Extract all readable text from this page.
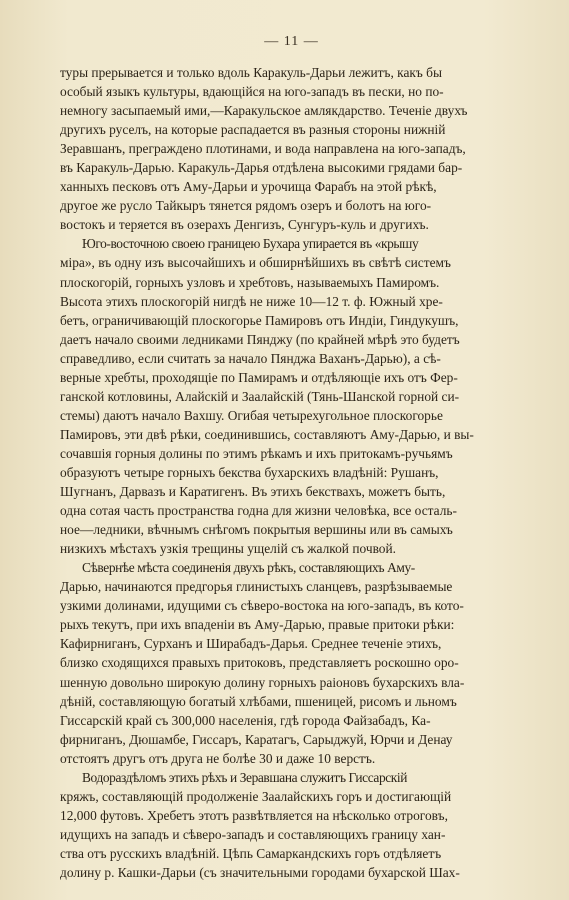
— 11 —

туры прерывается и только вдоль Каракуль-Дарьи лежитъ, какъ бы
особый языкъ культуры, вдающійся на юго-западъ въ пески, но по-
немногу засыпаемый ими,—Каракульское амлякдарство. Теченіе двухъ
другихъ руселъ, на которые распадается въ разныя стороны нижній
Зеравшанъ, преграждено плотинами, и вода направлена на юго-западъ,
въ Каракуль-Дарью. Каракуль-Дарья отдѣлена высокими грядами бар-
ханныхъ песковъ отъ Аму-Дарьи и урочища Фарабъ на этой рѣкѣ,
другое же русло Тайкыръ тянется рядомъ озеръ и болотъ на юго-
востокъ и теряется въ озерахъ Денгизъ, Сунгуръ-куль и другихъ.

Юго-восточною своею границею Бухара упирается въ «крышу
міра», въ одну изъ высочайшихъ и обширнѣйшихъ въ свѣтѣ системъ
плоскогорій, горныхъ узловъ и хребтовъ, называемыхъ Памиромъ.
Высота этихъ плоскогорій нигдѣ не ниже 10—12 т. ф. Южный хре-
бетъ, ограничивающій плоскогорье Памировъ отъ Индіи, Гиндукушъ,
даетъ начало своими ледниками Пянджу (по крайней мѣрѣ это будетъ
справедливо, если считать за начало Пянджа Ваханъ-Дарью), а сѣ-
верные хребты, проходящіе по Памирамъ и отдѣляющіе ихъ отъ Фер-
ганской котловины, Алайскій и Заалайскій (Тянь-Шанской горной си-
стемы) даютъ начало Вахшу. Огибая четырехугольное плоскогорье
Памировъ, эти двѣ рѣки, соединившись, составляютъ Аму-Дарью, и вы-
сочавшія горныя долины по этимъ рѣкамъ и ихъ притокамъ-ручьямъ
образуютъ четыре горныхъ бекства бухарскихъ владѣній: Рушанъ,
Шугнанъ, Дарвазъ и Каратигенъ. Въ этихъ бекствахъ, можетъ быть,
одна сотая часть пространства годна для жизни человѣка, все осталь-
ное—ледники, вѣчнымъ снѣгомъ покрытыя вершины или въ самыхъ
низкихъ мѣстахъ узкія трещины ущелій съ жалкой почвой.

Сѣвернѣе мѣста соединенія двухъ рѣкъ, составляющихъ Аму-
Дарью, начинаются предгорья глинистыхъ сланцевъ, разрѣзываемые
узкими долинами, идущими съ сѣверо-востока на юго-западъ, въ кото-
рыхъ текутъ, при ихъ впаденіи въ Аму-Дарью, правые притоки рѣки:
Кафирниганъ, Сурханъ и Ширабадъ-Дарья. Среднее теченіе этихъ,
близко сходящихся правыхъ притоковъ, представляетъ роскошно оро-
шенную довольно широкую долину горныхъ раіоновъ бухарскихъ вла-
дѣній, составляющую богатый хлѣбами, пшеницей, рисомъ и льномъ
Гиссарскій край съ 300,000 населенія, гдѣ города Файзабадъ, Ка-
фирниганъ, Дюшамбе, Гиссаръ, Каратагъ, Сарыджуй, Юрчи и Денау
отстоятъ другъ отъ друга не болѣе 30 и даже 10 верстъ.

Водораздѣломъ этихъ рѣхъ и Зеравшана служитъ Гиссарскій
кряжъ, составляющій продолженіе Заалайскихъ горъ и достигающій
12,000 футовъ. Хребетъ этотъ развѣтвляется на нѣсколько отроговъ,
идущихъ на западъ и сѣверо-западъ и составляющихъ границу хан-
ства отъ русскихъ владѣній. Цѣпь Самаркандскихъ горъ отдѣляетъ
долину р. Кашки-Дарьи (съ значительными городами бухарской Шах-
